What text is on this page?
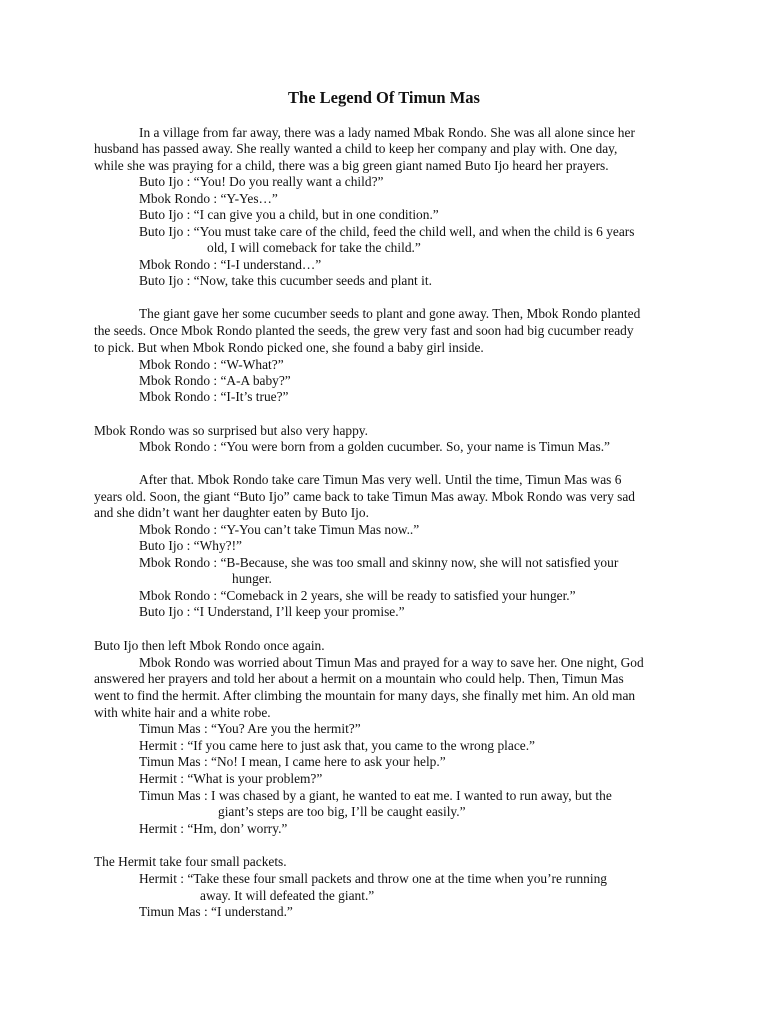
The Legend Of Timun Mas
In a village from far away, there was a lady named Mbak Rondo. She was all alone since her
husband has passed away. She really wanted a child to keep her company and play with. One day,
while she was praying for a child, there was a big green giant named Buto Ijo heard her prayers.
Buto Ijo : “You! Do you really want a child?”
Mbok Rondo : “Y-Yes…”
Buto Ijo : “I can give you a child, but in one condition.”
Buto Ijo : “You must take care of the child, feed the child well, and when the child is 6 years
old, I will comeback for take the child.”
Mbok Rondo : “I-I understand…”
Buto Ijo : “Now, take this cucumber seeds and plant it.
The giant gave her some cucumber seeds to plant and gone away. Then, Mbok Rondo planted
the seeds. Once Mbok Rondo planted the seeds, the grew very fast and soon had big cucumber ready
to pick. But when Mbok Rondo picked one, she found a baby girl inside.
Mbok Rondo : “W-What?”
Mbok Rondo : “A-A baby?”
Mbok Rondo : “I-It’s true?”
Mbok Rondo was so surprised but also very happy.
Mbok Rondo : “You were born from a golden cucumber. So, your name is Timun Mas.”
After that. Mbok Rondo take care Timun Mas very well. Until the time, Timun Mas was 6
years old. Soon, the giant “Buto Ijo” came back to take Timun Mas away. Mbok Rondo was very sad
and she didn’t want her daughter eaten by Buto Ijo.
Mbok Rondo : “Y-You can’t take Timun Mas now..”
Buto Ijo : “Why?!”
Mbok Rondo : “B-Because, she was too small and skinny now, she will not satisfied your
hunger.
Mbok Rondo : “Comeback in 2 years, she will be ready to satisfied your hunger.”
Buto Ijo : “I Understand, I’ll keep your promise.”
Buto Ijo then left Mbok Rondo once again.
Mbok Rondo was worried about Timun Mas and prayed for a way to save her. One night, God
answered her prayers and told her about a hermit on a mountain who could help. Then, Timun Mas
went to find the hermit. After climbing the mountain for many days, she finally met him. An old man
with white hair and a white robe.
Timun Mas : “You? Are you the hermit?”
Hermit : “If you came here to just ask that, you came to the wrong place.”
Timun Mas : “No! I mean, I came here to ask your help.”
Hermit : “What is your problem?”
Timun Mas : I was chased by a giant, he wanted to eat me. I wanted to run away, but the
giant’s steps are too big, I’ll be caught easily.”
Hermit : “Hm, don’ worry.”
The Hermit take four small packets.
Hermit : “Take these four small packets and throw one at the time when you’re running
away. It will defeated the giant.”
Timun Mas : “I understand.”
